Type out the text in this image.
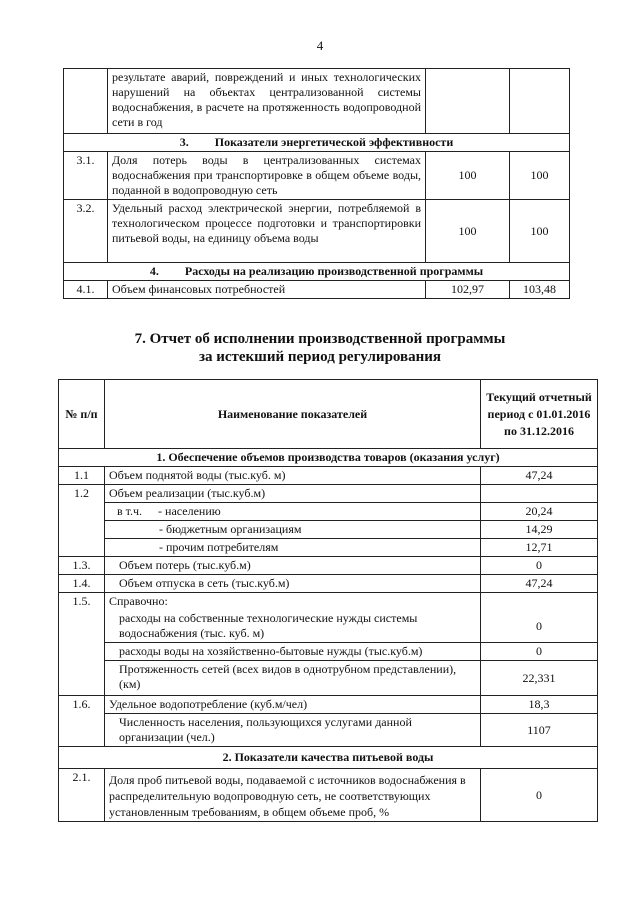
4
	результате аварий, повреждений и иных технологических нарушений на объектах централизованной системы водоснабжения, в расчете на протяженность водопроводной сети в год		
3. Показатели энергетической эффективности			
3.1.	Доля потерь воды в централизованных системах водоснабжения при транспортировке в общем объеме воды, поданной в водопроводную сеть	100	100
3.2.	Удельный расход электрической энергии, потребляемой в технологическом процессе подготовки и транспортировки питьевой воды, на единицу объема воды	100	100
4. Расходы на реализацию производственной программы			
4.1.	Объем финансовых потребностей	102,97	103,48
7. Отчет об исполнении производственной программы
за истекший период регулирования
№ п/п	Наименование показателей	Текущий отчетный период с 01.01.2016 по 31.12.2016
1. Обеспечение объемов производства товаров (оказания услуг)		
1.1	Объем поднятой воды (тыс.куб. м)	47,24
1.2	Объем реализации (тыс.куб.м)	
	в т.ч. - населению	20,24
	- бюджетным организациям	14,29
	- прочим потребителям	12,71
1.3.	Объем потерь (тыс.куб.м)	0
1.4.	Объем отпуска в сеть (тыс.куб.м)	47,24
1.5.	Справочно:	
	расходы на собственные технологические нужды системы водоснабжения (тыс. куб. м)	0
	расходы воды на хозяйственно-бытовые нужды (тыс.куб.м)	0
	Протяженность сетей (всех видов в однотрубном представлении), (км)	22,331
1.6.	Удельное водопотребление (куб.м/чел)	18,3
	Численность населения, пользующихся услугами данной организации (чел.)	1107
2. Показатели качества питьевой воды		
2.1.	Доля проб питьевой воды, подаваемой с источников водоснабжения в распределительную водопроводную сеть, не соответствующих установленным требованиям, в общем объеме проб, %	0
